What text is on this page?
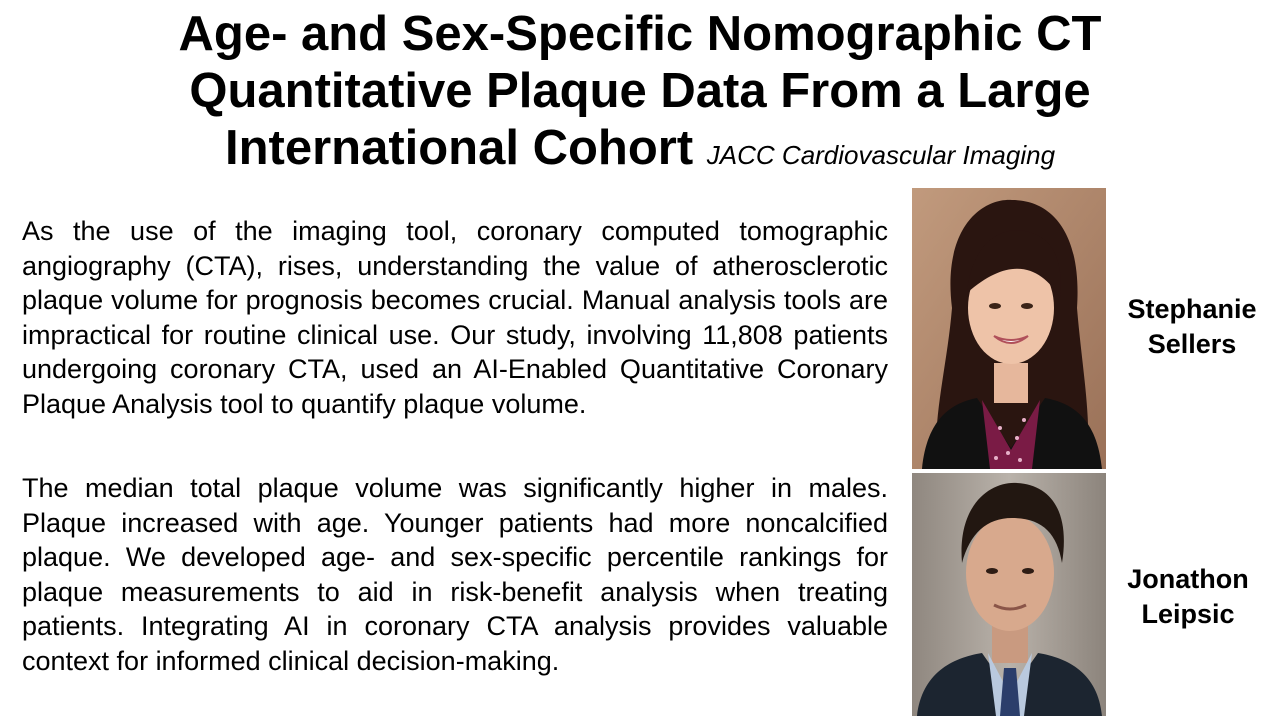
Age- and Sex-Specific Nomographic CT
Quantitative Plaque Data From a Large
International Cohort JACC Cardiovascular Imaging
As the use of the imaging tool, coronary computed tomographic angiography (CTA), rises, understanding the value of atherosclerotic plaque volume for prognosis becomes crucial. Manual analysis tools are impractical for routine clinical use. Our study, involving 11,808 patients undergoing coronary CTA, used an AI-Enabled Quantitative Coronary Plaque Analysis tool to quantify plaque volume.
The median total plaque volume was significantly higher in males. Plaque increased with age. Younger patients had more noncalcified plaque. We developed age- and sex-specific percentile rankings for plaque measurements to aid in risk-benefit analysis when treating patients. Integrating AI in coronary CTA analysis provides valuable context for informed clinical decision-making.
Stephanie
Sellers
Jonathon
Leipsic
